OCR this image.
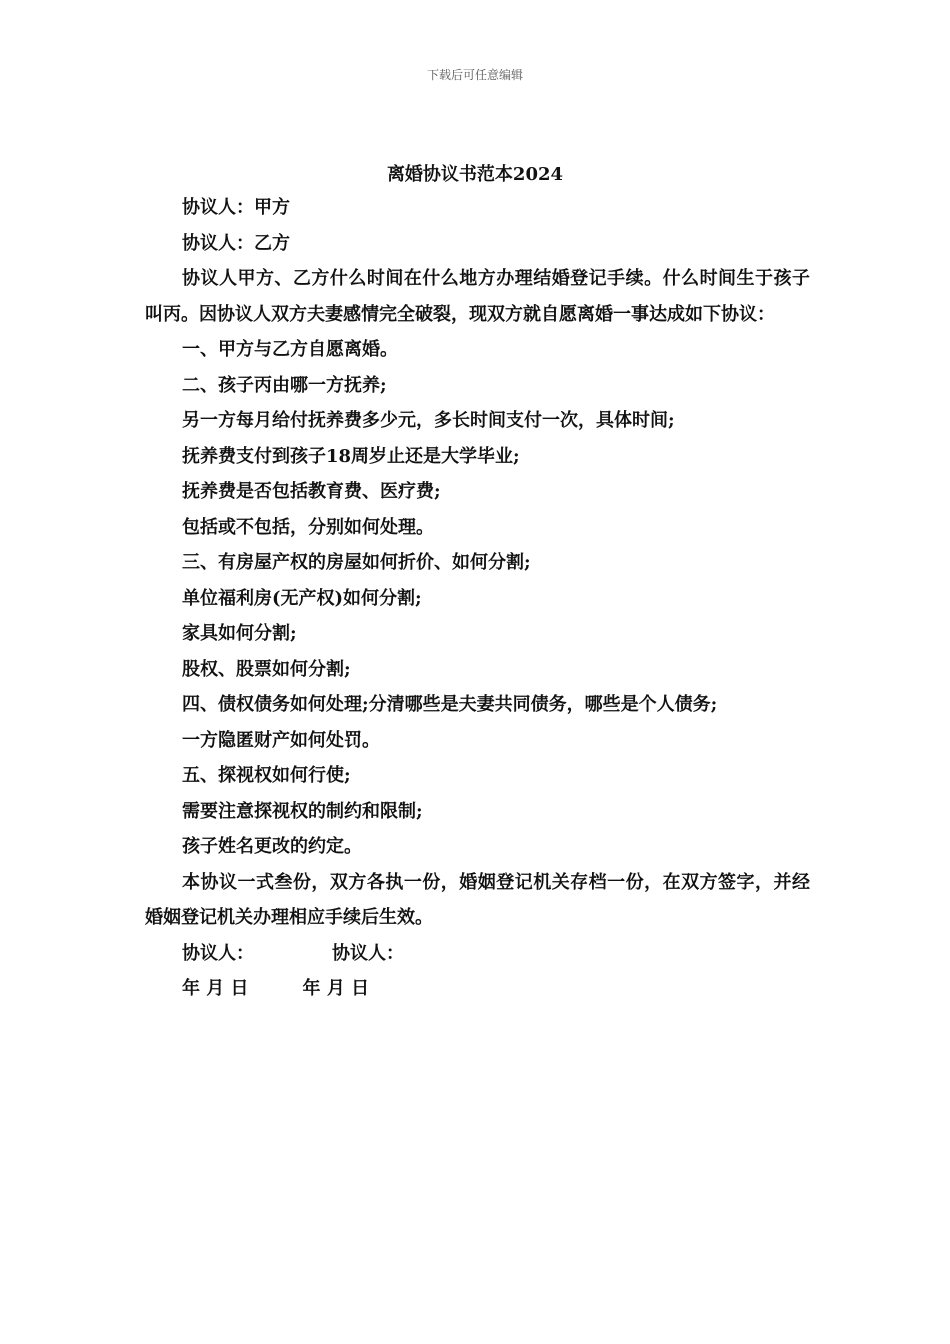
下载后可任意编辑
离婚协议书范本2024

协议人：甲方

协议人：乙方

协议人甲方、乙方什么时间在什么地方办理结婚登记手续。什么时间生于孩子叫丙。因协议人双方夫妻感情完全破裂，现双方就自愿离婚一事达成如下协议：

一、甲方与乙方自愿离婚。

二、孩子丙由哪一方抚养;

另一方每月给付抚养费多少元，多长时间支付一次，具体时间;

抚养费支付到孩子18周岁止还是大学毕业;

抚养费是否包括教育费、医疗费;

包括或不包括，分别如何处理。

三、有房屋产权的房屋如何折价、如何分割;

单位福利房(无产权)如何分割;

家具如何分割;

股权、股票如何分割;

四、债权债务如何处理;分清哪些是夫妻共同债务，哪些是个人债务;

一方隐匿财产如何处罚。

五、探视权如何行使;

需要注意探视权的制约和限制;

孩子姓名更改的约定。

本协议一式叁份，双方各执一份，婚姻登记机关存档一份，在双方签字，并经婚姻登记机关办理相应手续后生效。

协议人：	协议人：

年 月 日	年 月 日
